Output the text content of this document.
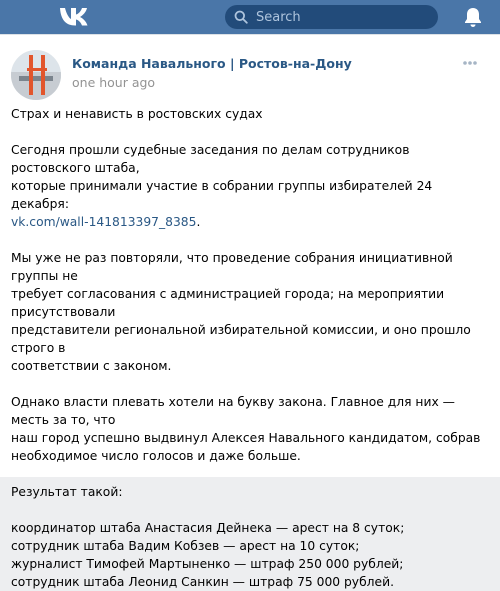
Search
Команда Навального | Ростов-на-Дону
one hour ago

Страх и ненависть в ростовских судах

Сегодня прошли судебные заседания по делам сотрудников ростовского штаба,

которые принимали участие в собрании группы избирателей 24 декабря:

vk.com/wall-141813397_8385.

Мы уже не раз повторяли, что проведение собрания инициативной группы не

требует согласования с администрацией города; на мероприятии присутствовали

представители региональной избирательной комиссии, и оно прошло строго в

соответствии с законом.

Однако власти плевать хотели на букву закона. Главное для них — месть за то, что

наш город успешно выдвинул Алексея Навального кандидатом, собрав

необходимое число голосов и даже больше.

Результат такой:

координатор штаба Анастасия Дейнека — арест на 8 суток;

сотрудник штаба Вадим Кобзев — арест на 10 суток;

журналист Тимофей Мартыненко — штраф 250 000 рублей;

сотрудник штаба Леонид Санкин — штраф 75 000 рублей.
